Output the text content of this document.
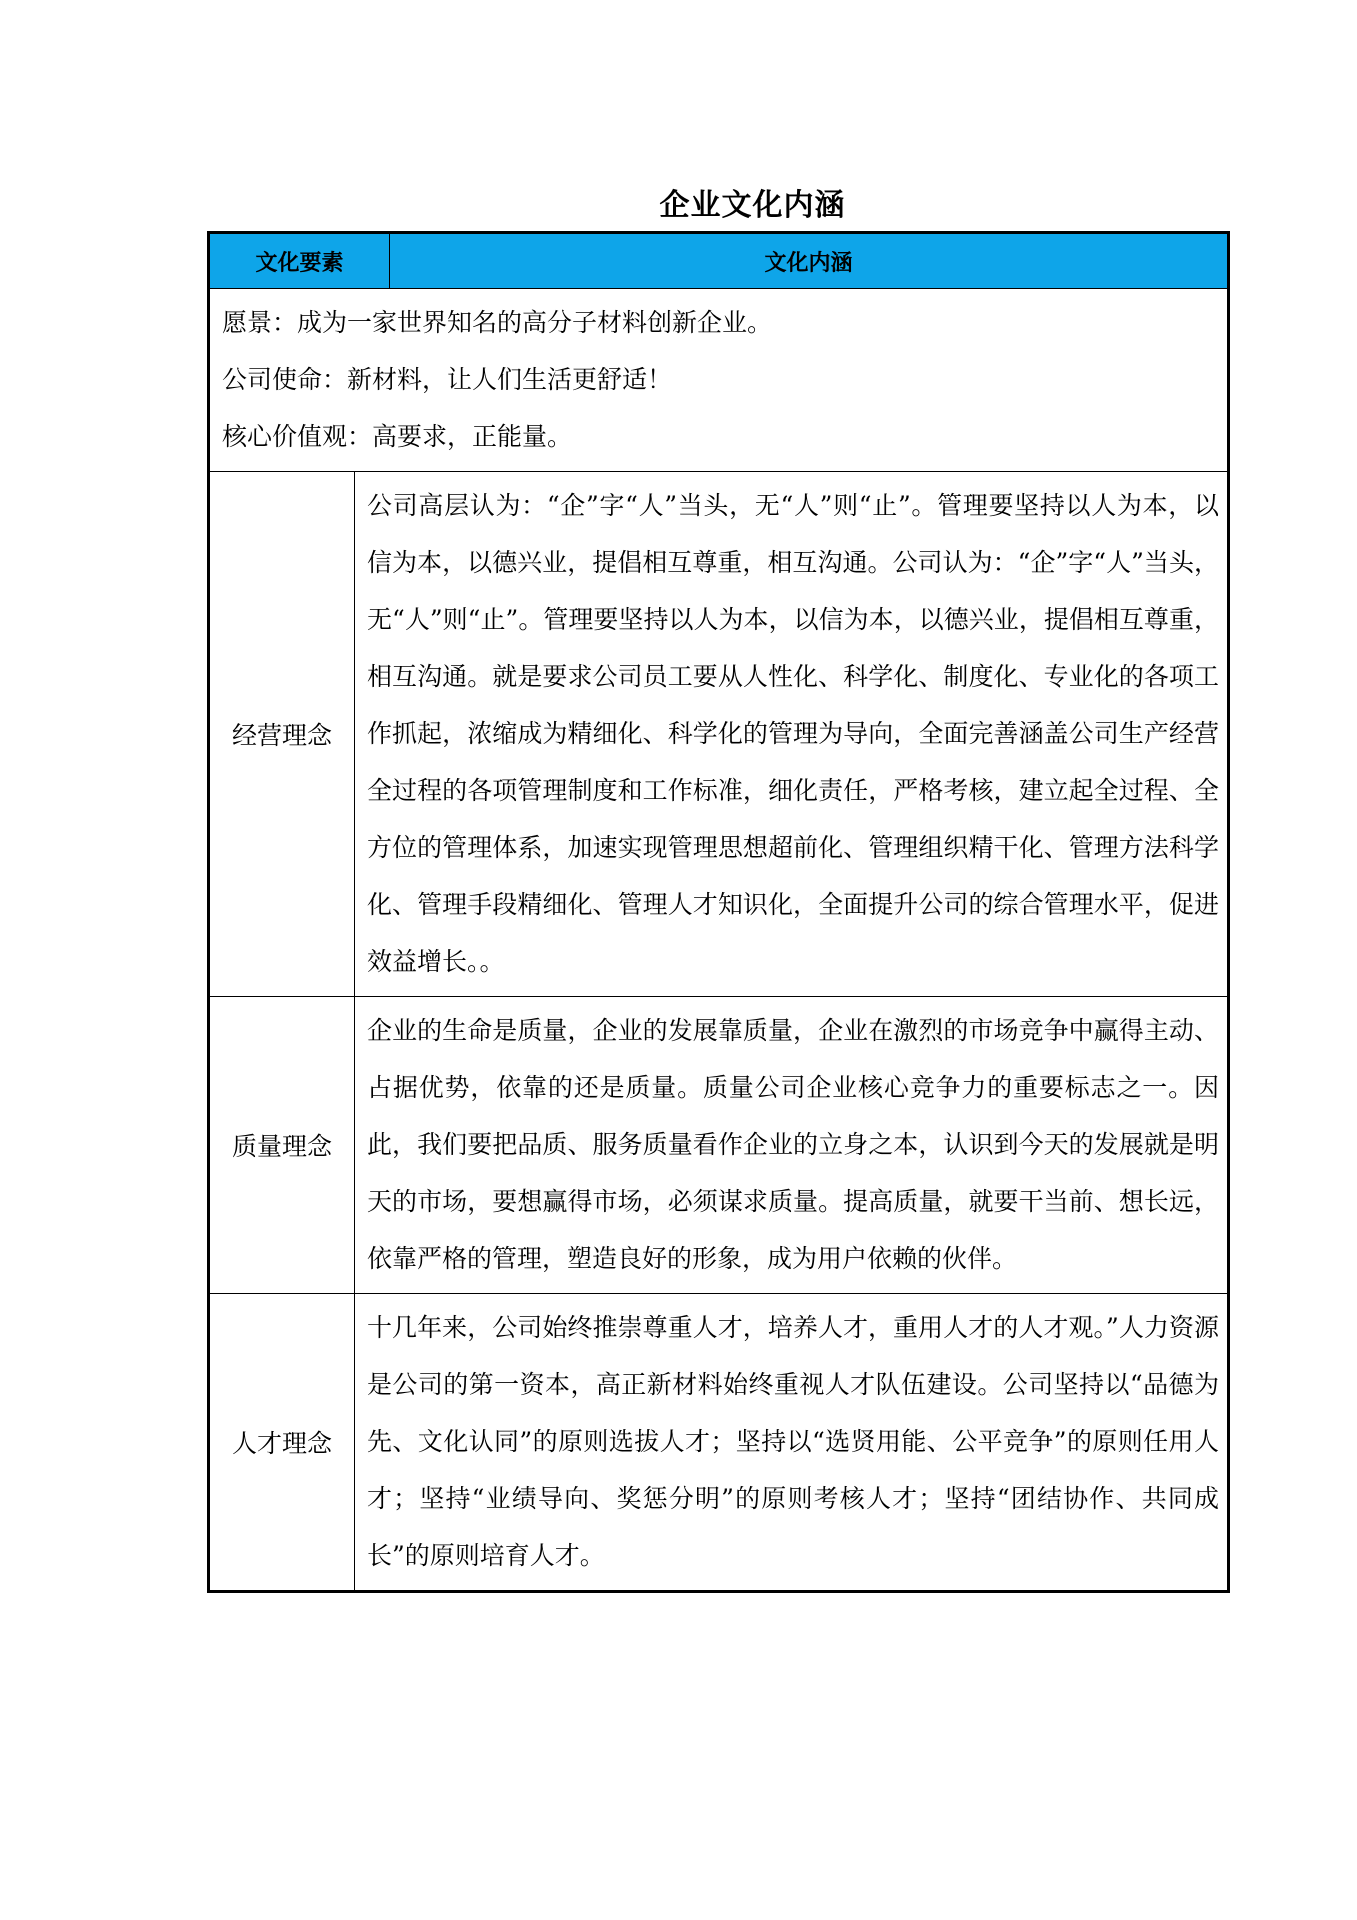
企业文化内涵
文化要素	文化内涵
愿景：成为一家世界知名的高分子材料创新企业。
公司使命：新材料，让人们生活更舒适！
核心价值观：高要求，正能量。
经营理念
公司高层认为：“企”字“人”当头，无“人”则“止”。管理要坚持以人为本，以信为本，以德兴业，提倡相互尊重，相互沟通。公司认为：“企”字“人”当头，无“人”则“止”。管理要坚持以人为本，以信为本，以德兴业，提倡相互尊重，相互沟通。就是要求公司员工要从人性化、科学化、制度化、专业化的各项工作抓起，浓缩成为精细化、科学化的管理为导向，全面完善涵盖公司生产经营全过程的各项管理制度和工作标准，细化责任，严格考核，建立起全过程、全方位的管理体系，加速实现管理思想超前化、管理组织精干化、管理方法科学化、管理手段精细化、管理人才知识化，全面提升公司的综合管理水平，促进效益增长。。
质量理念
企业的生命是质量，企业的发展靠质量，企业在激烈的市场竞争中赢得主动、占据优势，依靠的还是质量。质量公司企业核心竞争力的重要标志之一。因此，我们要把品质、服务质量看作企业的立身之本，认识到今天的发展就是明天的市场，要想赢得市场，必须谋求质量。提高质量，就要干当前、想长远，依靠严格的管理，塑造良好的形象，成为用户依赖的伙伴。
人才理念
十几年来，公司始终推崇尊重人才，培养人才，重用人才的人才观。”人力资源是公司的第一资本，高正新材料始终重视人才队伍建设。公司坚持以“品德为先、文化认同”的原则选拔人才；坚持以“选贤用能、公平竞争”的原则任用人才；坚持“业绩导向、奖惩分明”的原则考核人才；坚持“团结协作、共同成长”的原则培育人才。
